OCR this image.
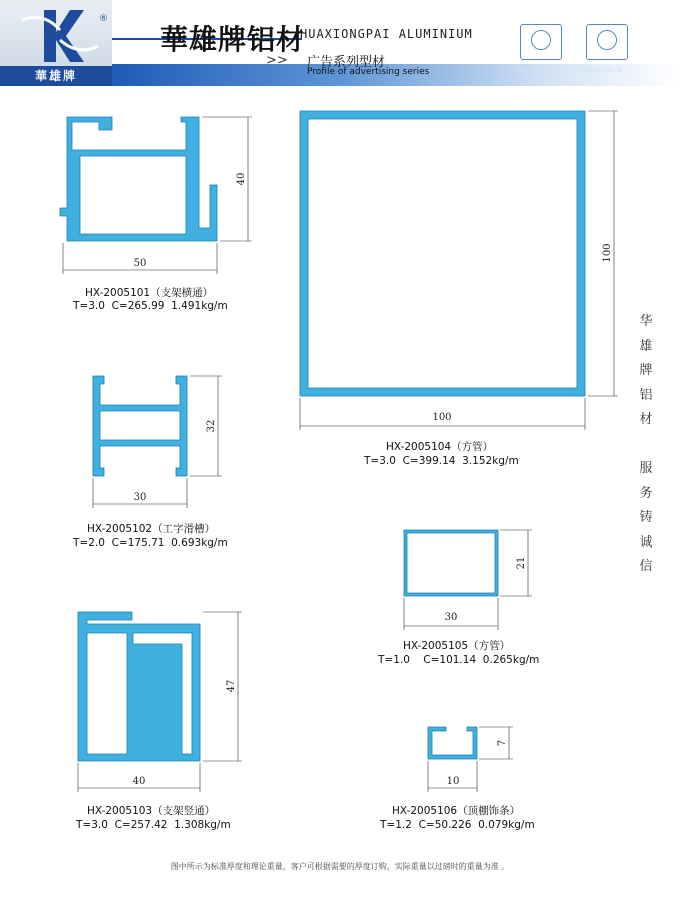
華雄牌
®
華雄牌铝材
HUAXIONGPAI ALUMINIUM
>> 广告系列型材
Profile of advertising series	02003Q12926ROM	0203P10110(1M
50
40
30
32
40
47
100
100
30
21
10
7
HX-2005101（支架横通）
T=3.0  C=265.99  1.491kg/m
HX-2005102（工字滑槽）
T=2.0  C=175.71  0.693kg/m
HX-2005103（支架竖通）
T=3.0  C=257.42  1.308kg/m
HX-2005104（方管）
T=3.0  C=399.14  3.152kg/m
HX-2005105（方管）
T=1.0    C=101.14  0.265kg/m
HX-2005106（顶棚饰条）
T=1.2  C=50.226  0.079kg/m
华
雄
牌
铝
材

服
务
铸
诚
信
图中所示为标准厚度和理论重量，客户可根据需要的厚度订购，实际重量以过磅时的重量为准 。
